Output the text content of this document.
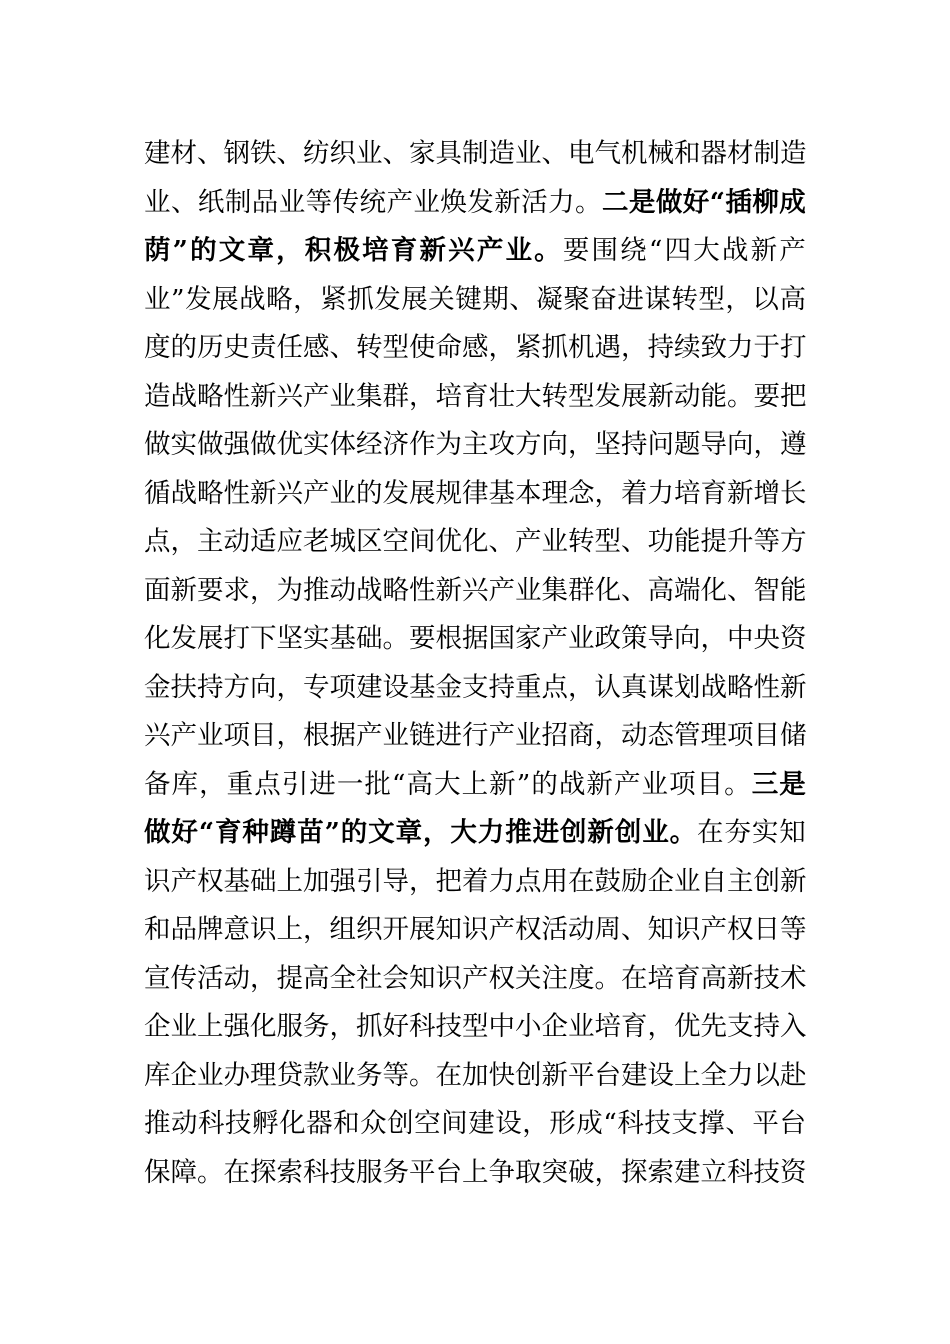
建 材 、 钢 铁 、 纺 织 业 、 家 具 制 造 业 、 电 气 机 械 和 器 材 制 造
业 、 纸 制 品 业 等 传 统 产 业 焕 发 新 活 力 。 二 是 做 好 “ 插 柳 成
荫 ” 的 文 章 ， 积 极 培 育 新 兴 产 业 。 要 围 绕 “ 四 大 战 新 产
业 ” 发 展 战 略 ， 紧 抓 发 展 关 键 期 、 凝 聚 奋 进 谋 转 型 ， 以 高
度 的 历 史 责 任 感 、 转 型 使 命 感 ， 紧 抓 机 遇 ， 持 续 致 力 于 打
造 战 略 性 新 兴 产 业 集 群 ， 培 育 壮 大 转 型 发 展 新 动 能 。 要 把
做 实 做 强 做 优 实 体 经 济 作 为 主 攻 方 向 ， 坚 持 问 题 导 向 ， 遵
循 战 略 性 新 兴 产 业 的 发 展 规 律 基 本 理 念 ， 着 力 培 育 新 增 长
点 ， 主 动 适 应 老 城 区 空 间 优 化 、 产 业 转 型 、 功 能 提 升 等 方
面 新 要 求 ， 为 推 动 战 略 性 新 兴 产 业 集 群 化 、 高 端 化 、 智 能
化 发 展 打 下 坚 实 基 础 。 要 根 据 国 家 产 业 政 策 导 向 ， 中 央 资
金 扶 持 方 向 ， 专 项 建 设 基 金 支 持 重 点 ， 认 真 谋 划 战 略 性 新
兴 产 业 项 目 ， 根 据 产 业 链 进 行 产 业 招 商 ， 动 态 管 理 项 目 储
备 库 ， 重 点 引 进 一 批 “ 高 大 上 新 ” 的 战 新 产 业 项 目 。 三 是
做 好 “ 育 种 蹲 苗 ” 的 文 章 ， 大 力 推 进 创 新 创 业 。 在 夯 实 知
识 产 权 基 础 上 加 强 引 导 ， 把 着 力 点 用 在 鼓 励 企 业 自 主 创 新
和 品 牌 意 识 上 ， 组 织 开 展 知 识 产 权 活 动 周 、 知 识 产 权 日 等
宣 传 活 动 ， 提 高 全 社 会 知 识 产 权 关 注 度 。 在 培 育 高 新 技 术
企 业 上 强 化 服 务 ， 抓 好 科 技 型 中 小 企 业 培 育 ， 优 先 支 持 入
库 企 业 办 理 贷 款 业 务 等 。 在 加 快 创 新 平 台 建 设 上 全 力 以 赴
推 动 科 技 孵 化 器 和 众 创 空 间 建 设 ， 形 成 “ 科 技 支 撑 、 平 台
保 障 。 在 探 索 科 技 服 务 平 台 上 争 取 突 破 ， 探 索 建 立 科 技 资
